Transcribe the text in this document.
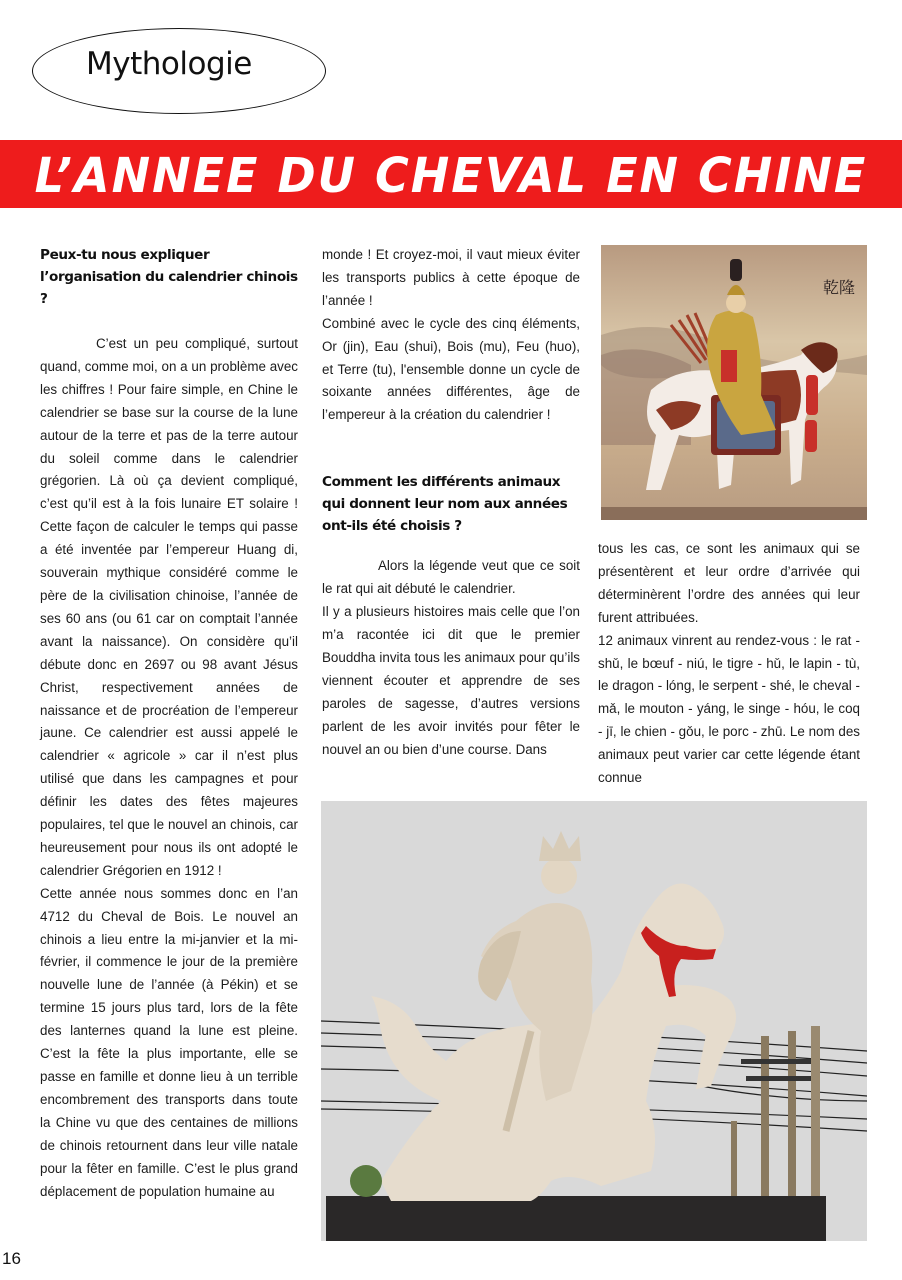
Mythologie
L’ANNEE DU CHEVAL EN CHINE

Peux-tu nous expliquer l’organisation du calendrier chinois ?

C’est un peu compliqué, surtout quand, comme moi, on a un problème avec les chiffres ! Pour faire simple, en Chine le calendrier se base sur la course de la lune autour de la terre et pas de la terre autour du soleil comme dans le calendrier grégorien. Là où ça devient compliqué, c’est qu’il est à la fois lunaire ET solaire ! Cette façon de calculer le temps qui passe a été inventée par l’empereur Huang di, souverain mythique considéré comme le père de la civilisation chinoise, l’année de ses 60 ans (ou 61 car on comptait l’année avant la naissance). On considère qu’il débute donc en 2697 ou 98 avant Jésus Christ, respectivement années de naissance et de procréation de l’empereur jaune. Ce calendrier est aussi appelé le calendrier « agricole » car il n’est plus utilisé que dans les campagnes et pour définir les dates des fêtes majeures populaires, tel que le nouvel an chinois, car heureusement pour nous ils ont adopté le calendrier Grégorien en 1912 !

Cette année nous sommes donc en l’an 4712 du Cheval de Bois. Le nouvel an chinois a lieu entre la mi-janvier et la mi-février, il commence le jour de la première nouvelle lune de l’année (à Pékin) et se termine 15 jours plus tard, lors de la fête des lanternes quand la lune est pleine. C’est la fête la plus importante, elle se passe en famille et donne lieu à un terrible encombrement des transports dans toute la Chine vu que des centaines de millions de chinois retournent dans leur ville natale pour la fêter en famille. C’est le plus grand déplacement de population humaine au

monde ! Et croyez-moi, il vaut mieux éviter les transports publics à cette époque de l’année !

Combiné avec le cycle des cinq éléments, Or (jin), Eau (shui), Bois (mu), Feu (huo), et Terre (tu), l'ensemble donne un cycle de soixante années différentes, âge de l’empereur à la création du calendrier !

Comment les différents animaux qui donnent leur nom aux années ont-ils été choisis ?

Alors la légende veut que ce soit le rat qui ait débuté le calendrier.

Il y a plusieurs histoires mais celle que l’on m’a racontée ici dit que le premier Bouddha invita tous les animaux pour qu’ils viennent écouter et apprendre de ses paroles de sagesse, d’autres versions parlent de les avoir invités pour fêter le nouvel an ou bien d’une course. Dans

tous les cas, ce sont les animaux qui se présentèrent et leur ordre d’arrivée qui déterminèrent l’ordre des années qui leur furent attribuées.

12 animaux vinrent au rendez-vous : le rat - shǔ, le bœuf - niú, le tigre - hǔ, le lapin - tù, le dragon - lóng, le serpent - shé, le cheval - mǎ, le mouton - yáng, le singe - hóu, le coq - jī, le chien - gǒu, le porc - zhū. Le nom des animaux peut varier car cette légende étant connue

乾隆
16
